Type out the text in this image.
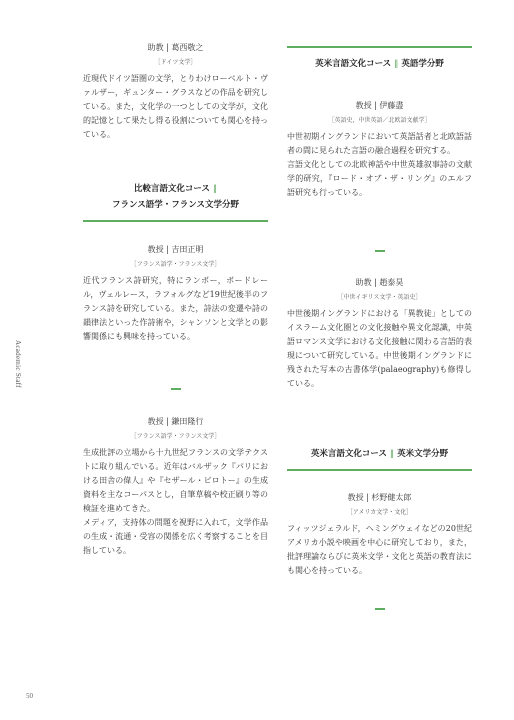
Academic Staff
50
助教 | 葛西敬之
［ドイツ文学］

近現代ドイツ語圏の文学，とりわけローベルト・ヴァルザー，ギュンター・グラスなどの作品を研究している。また，文化学の一つとしての文学が，文化的記憶として果たし得る役割についても関心を持っている。

比較言語文化コース ‖
フランス語学・フランス文学分野
教授 | 吉田正明
［フランス語学・フランス文学］

近代フランス詩研究，特にランボー，ボードレール，ヴェルレース，ラフォルグなど19世紀後半のフランス詩を研究している。また，詩法の変遷や詩の韻律法といった作詩術や，シャンソンと文学との影響関係にも興味を持っている。

教授 | 鎌田隆行
［フランス語学・フランス文学］

生成批評の立場から十九世紀フランスの文学テクストに取り組んでいる。近年はバルザック『パリにおける田舎の偉人』や『セザール・ビロトー』の生成資料を主なコーパスとし，自筆草稿や校正刷り等の検証を進めてきた。

メディア，支持体の問題を視野に入れて，文学作品の生成・流通・受容の関係を広く考察することを目指している。

英米言語文化コース ‖ 英語学分野
教授 | 伊藤盡
［英語史，中世英語／北欧語文献学］

中世初期イングランドにおいて英語話者と北欧語話者の間に見られた言語の融合過程を研究する。

言語文化としての北欧神話や中世英雄叙事詩の文献学的研究，『ロード・オブ・ザ・リング』のエルフ語研究も行っている。

助教 | 趙泰昊
［中世イギリス文学・英語史］

中世後期イングランドにおける「異教徒」としてのイスラーム文化圏との文化接触や異文化認識，中英語ロマンス文学における文化接触に関わる言語的表現について研究している。中世後期イングランドに残された写本の古書体学(palaeography)も修得している。

英米言語文化コース ‖ 英米文学分野
教授 | 杉野健太郎
［アメリカ文学・文化］

フィッツジェラルド，ヘミングウェイなどの20世紀アメリカ小説や映画を中心に研究しており，また，批評理論ならびに英米文学・文化と英語の教育法にも関心を持っている。
